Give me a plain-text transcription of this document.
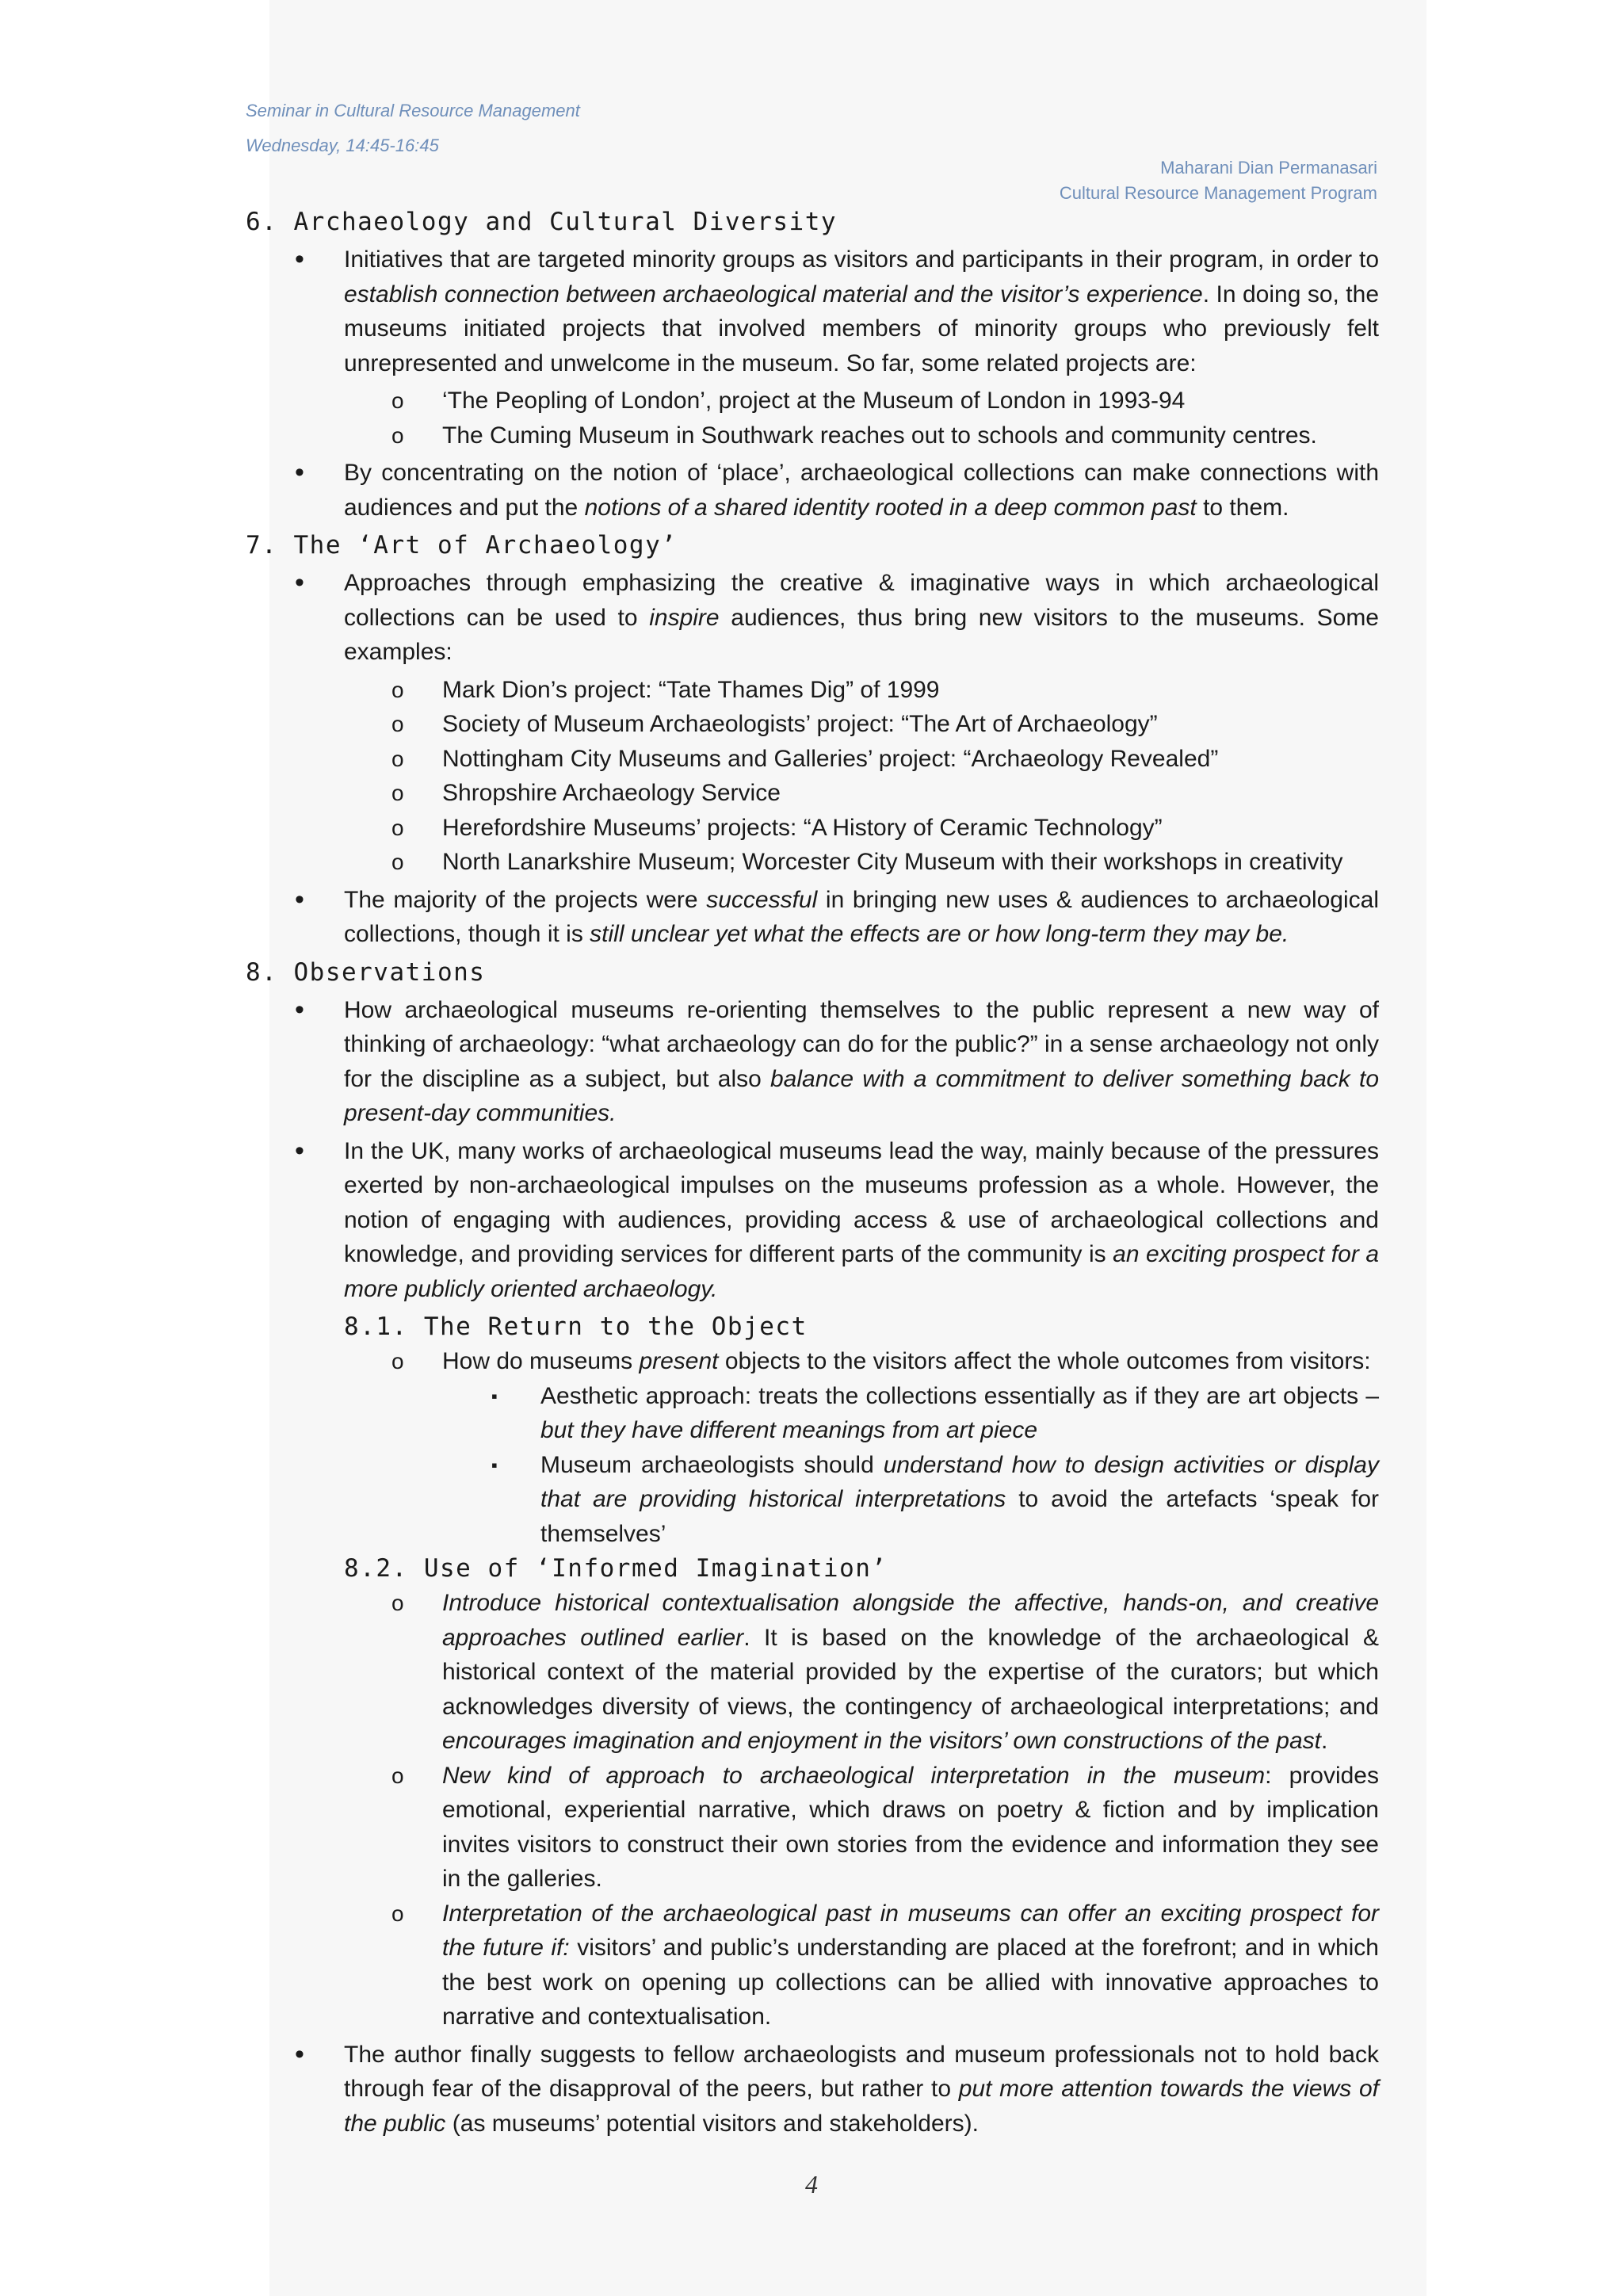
Seminar in Cultural Resource Management
Wednesday, 14:45-16:45
Maharani Dian Permanasari
Cultural Resource Management Program
6. Archaeology and Cultural Diversity
• Initiatives that are targeted minority groups as visitors and participants in their program, in order to establish connection between archaeological material and the visitor’s experience. In doing so, the museums initiated projects that involved members of minority groups who previously felt unrepresented and unwelcome in the museum. So far, some related projects are:
o ‘The Peopling of London’, project at the Museum of London in 1993-94
o The Cuming Museum in Southwark reaches out to schools and community centres.
• By concentrating on the notion of ‘place’, archaeological collections can make connections with audiences and put the notions of a shared identity rooted in a deep common past to them.
7. The ‘Art of Archaeology’
• Approaches through emphasizing the creative & imaginative ways in which archaeological collections can be used to inspire audiences, thus bring new visitors to the museums. Some examples:
o Mark Dion’s project: “Tate Thames Dig” of 1999
o Society of Museum Archaeologists’ project: “The Art of Archaeology”
o Nottingham City Museums and Galleries’ project: “Archaeology Revealed”
o Shropshire Archaeology Service
o Herefordshire Museums’ projects: “A History of Ceramic Technology”
o North Lanarkshire Museum; Worcester City Museum with their workshops in creativity
• The majority of the projects were successful in bringing new uses & audiences to archaeological collections, though it is still unclear yet what the effects are or how long-term they may be.
8. Observations
• How archaeological museums re-orienting themselves to the public represent a new way of thinking of archaeology: “what archaeology can do for the public?” in a sense archaeology not only for the discipline as a subject, but also balance with a commitment to deliver something back to present-day communities.
• In the UK, many works of archaeological museums lead the way, mainly because of the pressures exerted by non-archaeological impulses on the museums profession as a whole. However, the notion of engaging with audiences, providing access & use of archaeological collections and knowledge, and providing services for different parts of the community is an exciting prospect for a more publicly oriented archaeology.
8.1. The Return to the Object
o How do museums present objects to the visitors affect the whole outcomes from visitors:
▪ Aesthetic approach: treats the collections essentially as if they are art objects –but they have different meanings from art piece
▪ Museum archaeologists should understand how to design activities or display that are providing historical interpretations to avoid the artefacts ‘speak for themselves’
8.2. Use of ‘Informed Imagination’
o Introduce historical contextualisation alongside the affective, hands-on, and creative approaches outlined earlier. It is based on the knowledge of the archaeological & historical context of the material provided by the expertise of the curators; but which acknowledges diversity of views, the contingency of archaeological interpretations; and encourages imagination and enjoyment in the visitors’ own constructions of the past.
o New kind of approach to archaeological interpretation in the museum: provides emotional, experiential narrative, which draws on poetry & fiction and by implication invites visitors to construct their own stories from the evidence and information they see in the galleries.
o Interpretation of the archaeological past in museums can offer an exciting prospect for the future if: visitors’ and public’s understanding are placed at the forefront; and in which the best work on opening up collections can be allied with innovative approaches to narrative and contextualisation.
• The author finally suggests to fellow archaeologists and museum professionals not to hold back through fear of the disapproval of the peers, but rather to put more attention towards the views of the public (as museums’ potential visitors and stakeholders).
4
